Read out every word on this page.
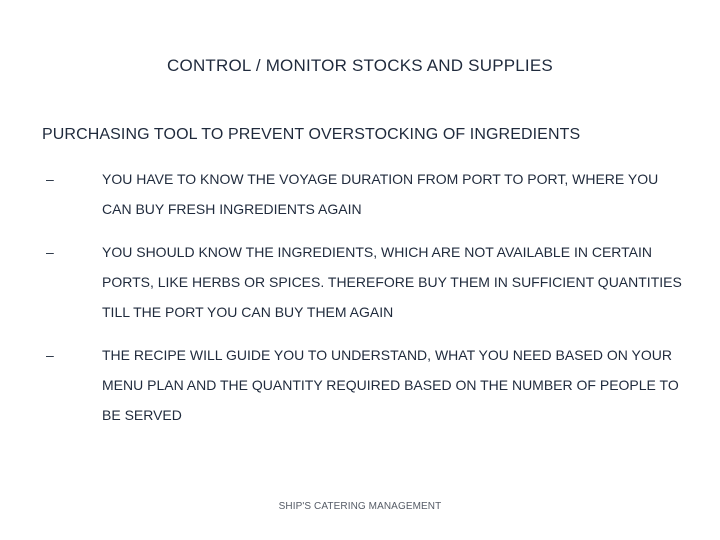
CONTROL / MONITOR STOCKS AND SUPPLIES
PURCHASING TOOL TO PREVENT OVERSTOCKING OF INGREDIENTS
–	YOU HAVE TO KNOW THE VOYAGE DURATION FROM PORT TO PORT, WHERE YOU CAN BUY FRESH INGREDIENTS AGAIN
–	YOU SHOULD KNOW THE INGREDIENTS, WHICH ARE NOT AVAILABLE IN CERTAIN PORTS, LIKE HERBS OR SPICES. THEREFORE BUY THEM IN SUFFICIENT QUANTITIES TILL THE PORT YOU CAN BUY THEM AGAIN
–	THE RECIPE WILL GUIDE YOU TO UNDERSTAND, WHAT YOU NEED BASED ON YOUR MENU PLAN AND THE QUANTITY REQUIRED BASED ON THE NUMBER OF PEOPLE TO BE SERVED
SHIP'S CATERING MANAGEMENT
